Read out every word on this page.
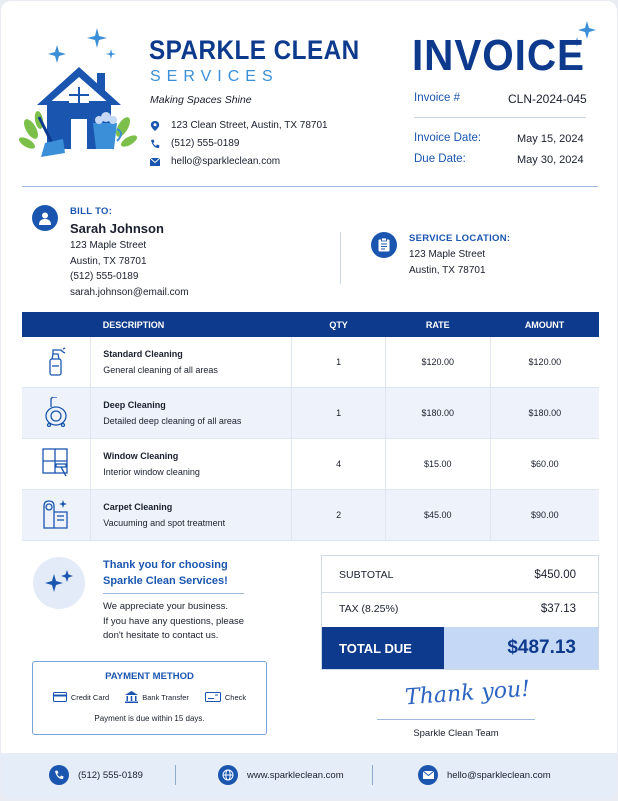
SPARKLE CLEAN
SERVICES
Making Spaces Shine
123 Clean Street, Austin, TX 78701
(512) 555-0189
hello@sparkleclean.com
INVOICE
Invoice #	CLN-2024-045
Invoice Date:	May 15, 2024
Due Date:	May 30, 2024
BILL TO:
Sarah Johnson
123 Maple Street
Austin, TX 78701
(512) 555-0189
sarah.johnson@email.com
SERVICE LOCATION:
123 Maple Street
Austin, TX 78701
	DESCRIPTION	QTY	RATE	AMOUNT

Standard Cleaning
General cleaning of all areas	1	$120.00	$120.00

Deep Cleaning
Detailed deep cleaning of all areas	1	$180.00	$180.00

Window Cleaning
Interior window cleaning	4	$15.00	$60.00

Carpet Cleaning
Vacuuming and spot treatment	2	$45.00	$90.00
Thank you for choosing
Sparkle Clean Services!
We appreciate your business.
If you have any questions, please
don't hesitate to contact us.
PAYMENT METHOD
Credit Card	Bank Transfer	Check
Payment is due within 15 days.
SUBTOTAL	$450.00
TAX (8.25%)	$37.13
TOTAL DUE	$487.13
Thank you!
Sparkle Clean Team
(512) 555-0189	www.sparkleclean.com	hello@sparkleclean.com
